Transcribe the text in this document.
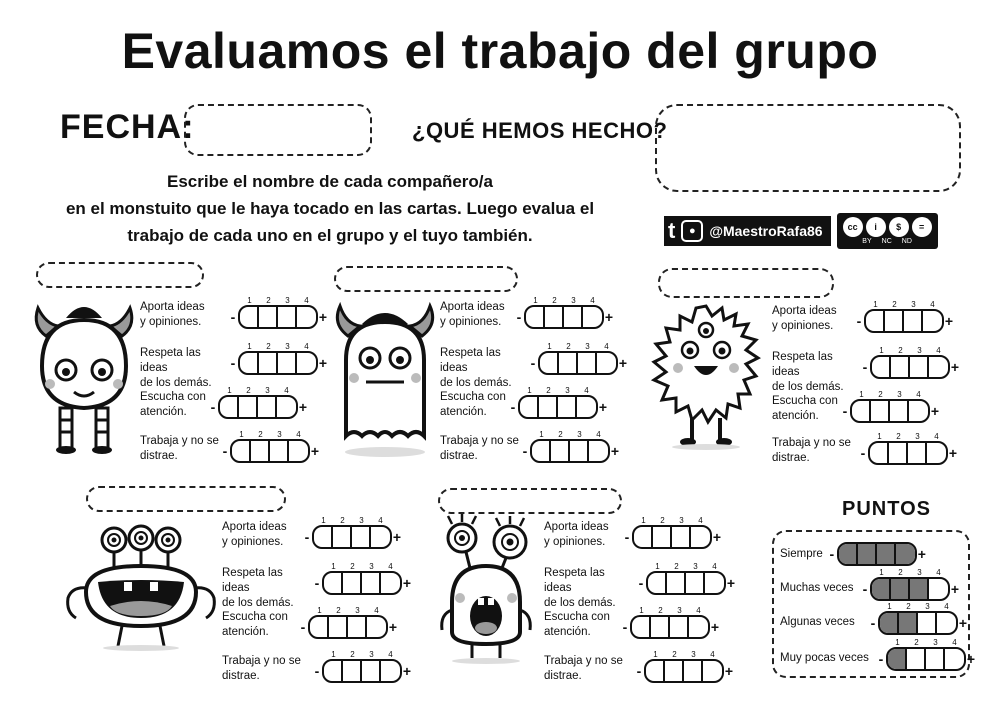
Evaluamos el trabajo del grupo
FECHA:	¿QUÉ HEMOS HECHO?
Escribe el nombre de cada compañero/a
en el monstuito que le haya tocado en las cartas. Luego evalua el
trabajo de cada uno en el grupo y el tuyo también.	t	● @MaestroRafa86	cc	i	$	=
BY NC ND
Aporta ideas
y opiniones.
1	2	3	4
-	+
Respeta las ideas
de los demás.
1	2	3	4
-	+
Escucha con
atención.
1	2	3	4
-	+
Trabaja y no se
distrae.
1	2	3	4
-	+
Aporta ideas
y opiniones.
1	2	3	4
-	+
Respeta las ideas
de los demás.
1	2	3	4
-	+
Escucha con
atención.
1	2	3	4
-	+
Trabaja y no se
distrae.
1	2	3	4
-	+
Aporta ideas
y opiniones.
1	2	3	4
-	+
Respeta las ideas
de los demás.
1	2	3	4
-	+
Escucha con
atención.
1	2	3	4
-	+
Trabaja y no se
distrae.
1	2	3	4
-	+
Aporta ideas
y opiniones.
1	2	3	4
-	+
Respeta las ideas
de los demás.
1	2	3	4
-	+
Escucha con
atención.
1	2	3	4
-	+
Trabaja y no se
distrae.
1	2	3	4
-	+
Aporta ideas
y opiniones.
1	2	3	4
-	+
Respeta las ideas
de los demás.
1	2	3	4
-	+
Escucha con
atención.
1	2	3	4
-	+
Trabaja y no se
distrae.
1	2	3	4
-	+
PUNTOS
Siempre -	+
Muchas veces
1	2	3	4
-	+
Algunas veces
1	2	3	4
-	+
Muy pocas veces
1	2	3	4
-	+
